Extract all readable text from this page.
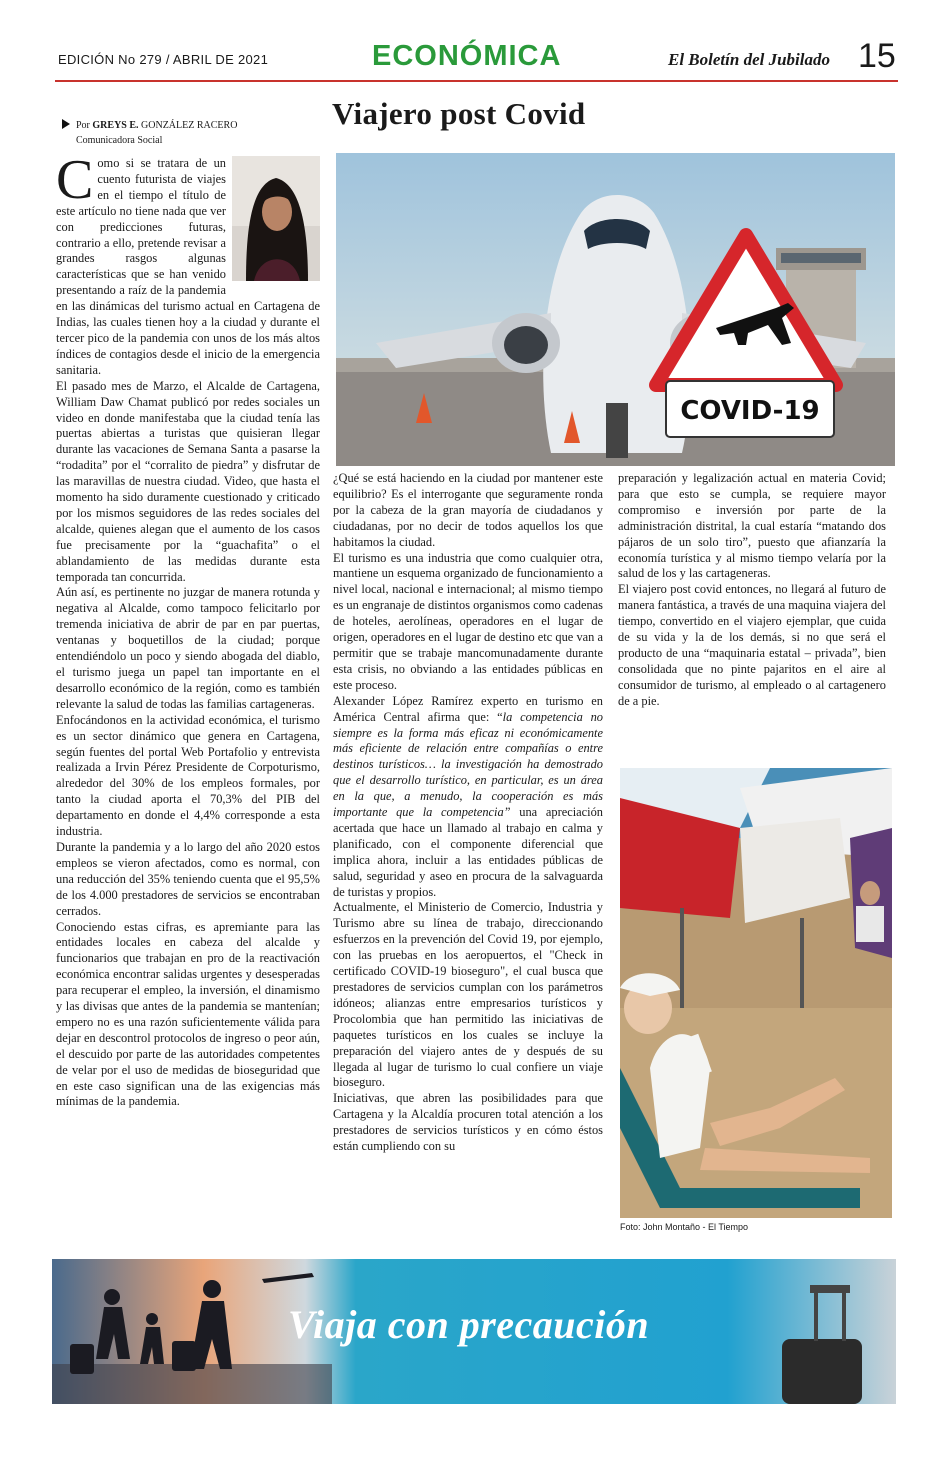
EDICIÓN No 279 / ABRIL DE 2021	ECONÓMICA	El Boletín del Jubilado 15
Por GREYS E. GONZÁLEZ RACERO
Comunicadora Social
Viajero post Covid
C omo si se tratara de un cuento futurista de viajes en el tiempo el título de este artículo no tiene nada que ver con predicciones futuras, contrario a ello, pretende revisar a grandes rasgos algunas características que se han venido presentando a raíz de la pandemia en las dinámicas del turismo actual en Cartagena de Indias, las cuales tienen hoy a la ciudad y durante el tercer pico de la pandemia con unos de los más altos índices de contagios desde el inicio de la emergencia sanitaria.

El pasado mes de Marzo, el Alcalde de Cartagena, William Daw Chamat publicó por redes sociales un video en donde manifestaba que la ciudad tenía las puertas abiertas a turistas que quisieran llegar durante las vacaciones de Semana Santa a pasarse la “rodadita” por el “corralito de piedra” y disfrutar de las maravillas de nuestra ciudad. Video, que hasta el momento ha sido duramente cuestionado y criticado por los mismos seguidores de las redes sociales del alcalde, quienes alegan que el aumento de los casos fue precisamente por la “guachafita” o el ablandamiento de las medidas durante esta temporada tan concurrida.

Aún así, es pertinente no juzgar de manera rotunda y negativa al Alcalde, como tampoco felicitarlo por tremenda iniciativa de abrir de par en par puertas, ventanas y boquetillos de la ciudad; porque entendiéndolo un poco y siendo abogada del diablo, el turismo juega un papel tan importante en el desarrollo económico de la región, como es también relevante la salud de todas las familias cartageneras.

Enfocándonos en la actividad económica, el turismo es un sector dinámico que genera en Cartagena, según fuentes del portal Web Portafolio y entrevista realizada a Irvin Pérez Presidente de Corpoturismo, alrededor del 30% de los empleos formales, por tanto la ciudad aporta el 70,3% del PIB del departamento en donde el 4,4% corresponde a esta industria.

Durante la pandemia y a lo largo del año 2020 estos empleos se vieron afectados, como es normal, con una reducción del 35% teniendo cuenta que el 95,5% de los 4.000 prestadores de servicios se encontraban cerrados.

Conociendo estas cifras, es apremiante para las entidades locales en cabeza del alcalde y funcionarios que trabajan en pro de la reactivación económica encontrar salidas urgentes y desesperadas para recuperar el empleo, la inversión, el dinamismo y las divisas que antes de la pandemia se mantenían; empero no es una razón suficientemente válida para dejar en descontrol protocolos de ingreso o peor aún, el descuido por parte de las autoridades competentes de velar por el uso de medidas de bioseguridad que en este caso significan una de las exigencias más mínimas de la pandemia.

COVID-19

¿Qué se está haciendo en la ciudad por mantener este equilibrio? Es el interrogante que seguramente ronda por la cabeza de la gran mayoría de ciudadanos y ciudadanas, por no decir de todos aquellos los que habitamos la ciudad.

El turismo es una industria que como cualquier otra, mantiene un esquema organizado de funcionamiento a nivel local, nacional e internacional; al mismo tiempo es un engranaje de distintos organismos como cadenas de hoteles, aerolíneas, operadores en el lugar de origen, operadores en el lugar de destino etc que van a permitir que se trabaje mancomunadamente durante esta crisis, no obviando a las entidades públicas en este proceso.

Alexander López Ramírez experto en turismo en América Central afirma que: “la competencia no siempre es la forma más eficaz ni económicamente más eficiente de relación entre compañías o entre destinos turísticos… la investigación ha demostrado que el desarrollo turístico, en particular, es un área en la que, a menudo, la cooperación es más importante que la competencia” una apreciación acertada que hace un llamado al trabajo en calma y planificado, con el componente diferencial que implica ahora, incluir a las entidades públicas de salud, seguridad y aseo en procura de la salvaguarda de turistas y propios.

Actualmente, el Ministerio de Comercio, Industria y Turismo abre su línea de trabajo, direccionando esfuerzos en la prevención del Covid 19, por ejemplo, con las pruebas en los aeropuertos, el "Check in certificado COVID-19 bioseguro", el cual busca que prestadores de servicios cumplan con los parámetros idóneos; alianzas entre empresarios turísticos y Procolombia que han permitido las iniciativas de paquetes turísticos en los cuales se incluye la preparación del viajero antes de y después de su llegada al lugar de turismo lo cual confiere un viaje bioseguro.

Iniciativas, que abren las posibilidades para que Cartagena y la Alcaldía procuren total atención a los prestadores de servicios turísticos y en cómo éstos están cumpliendo con su

preparación y legalización actual en materia Covid; para que esto se cumpla, se requiere mayor compromiso e inversión por parte de la administración distrital, la cual estaría “matando dos pájaros de un solo tiro”, puesto que afianzaría la economía turística y al mismo tiempo velaría por la salud de los y las cartageneras.

El viajero post covid entonces, no llegará al futuro de manera fantástica, a través de una maquina viajera del tiempo, convertido en el viajero ejemplar, que cuida de su vida y la de los demás, si no que será el producto de una “maquinaria estatal – privada”, bien consolidada que no pinte pajaritos en el aire al consumidor de turismo, al empleado o al cartagenero de a pie.

Foto: John Montaño - El Tiempo
Viaja con precaución
